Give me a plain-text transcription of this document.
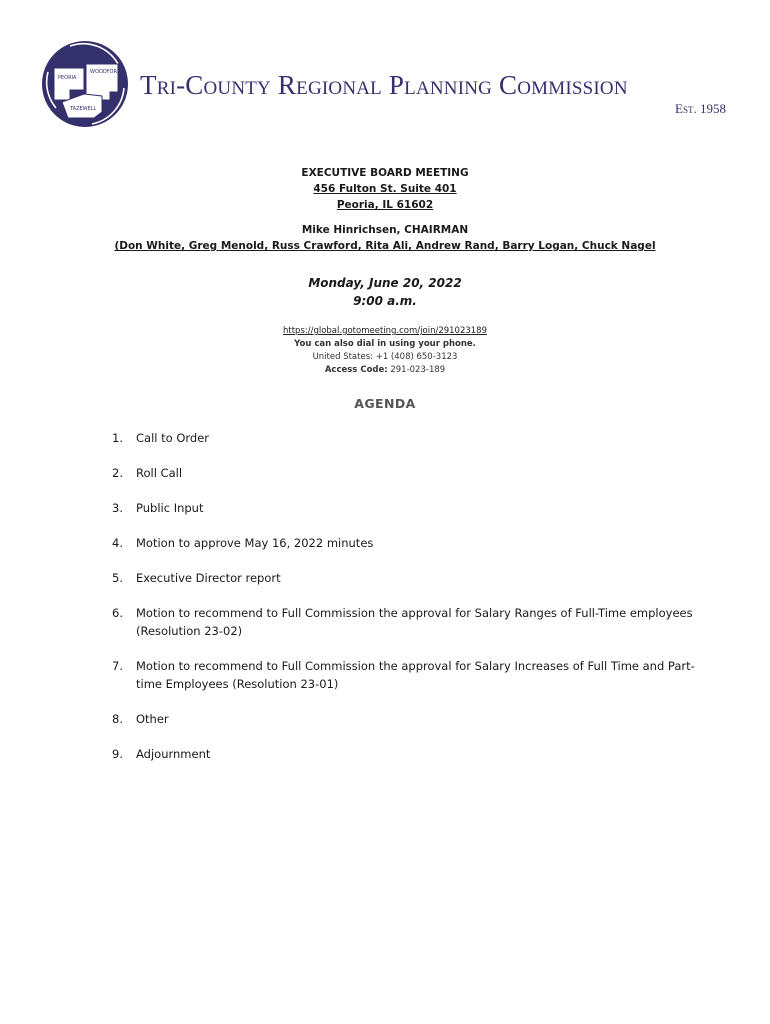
PEORIA
WOODFORD
TAZEWELL
Tri-County Regional Planning Commission
Est. 1958
EXECUTIVE BOARD MEETING
456 Fulton St. Suite 401
Peoria, IL 61602
Mike Hinrichsen, CHAIRMAN
(Don White, Greg Menold, Russ Crawford, Rita Ali, Andrew Rand, Barry Logan, Chuck Nagel
Monday, June 20, 2022
9:00 a.m.
https://global.gotomeeting.com/join/291023189
You can also dial in using your phone.
United States: +1 (408) 650-3123
Access Code: 291-023-189
AGENDA
1. Call to Order
2. Roll Call
3. Public Input
4. Motion to approve May 16, 2022 minutes
5. Executive Director report
6. Motion to recommend to Full Commission the approval for Salary Ranges of Full-Time employees (Resolution 23-02)
7. Motion to recommend to Full Commission the approval for Salary Increases of Full Time and Part-time Employees (Resolution 23-01)
8. Other
9. Adjournment
